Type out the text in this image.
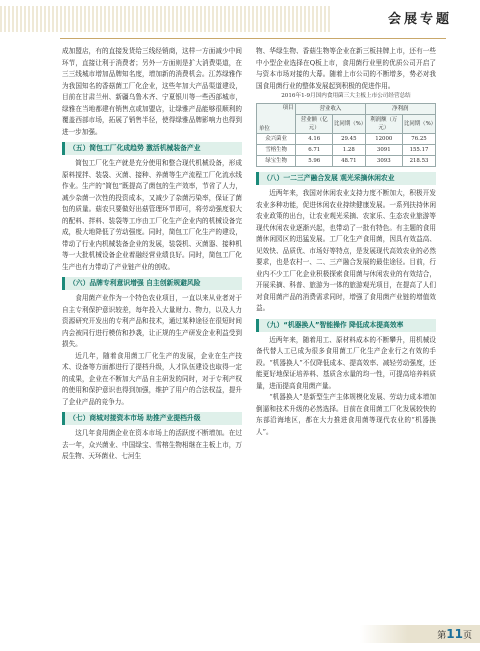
会展专题

成加盟店，有的直接发货给三线经销商，这样一方面减少中间环节，直接让利于消费者；另外一方面则是扩大消费渠道，在三三线城市增加品牌知名度，增加新的消费机会。江苏绿雅作为我国知名的香菇菌工厂化企业，这些年加大产品渠道建设，目前在甘肃兰州、新疆乌鲁木齐、宁夏银川等一些西部城市，绿雅在当地都建有销售点或加盟店，让绿雅产品能够很顺利的覆盖西部市场，拓展了销售半径，使得绿雅品牌影响力也得到进一步加强。

（五）简包工厂化成趋势 激活机械装备产业

简包工厂化生产就是充分使用和整合现代机械设备，形成原料搅拌、装袋、灭菌、接种、养菌等生产流程工厂化流水线作业。生产的“简包”既提高了菌包的生产效率，节省了人力，减少杂菌一次性的投资成本，又减少了杂菌污染率，保证了菌包的质量。菇农只要做好出菇管理环节即可，将劳动强度很大的配料、拌料、装袋等工序由工厂化生产企业内的机械设备完成，极大地降低了劳动强度。同时，简包工厂化生产的建设，带动了行业内机械装备企业的发展，装袋机、灭菌器、接种机等一大批机械设备企业着融经营业绩良好。同时，简包工厂化生产也有力带动了产业链产业的创收。

（六）品牌专利意识增强 自主创新规避风险

食用菌产业作为一个特色农业项目，一直以来从业者对于自主专利保护意识较差，每年投入大量财力、物力，以及人力资源研究开发出的专利产品和技术，通过某种途径在很短时间内会被同行进行模仿和抄袭，让正规的生产研发企业利益受到损失。

近几年，随着食用菌工厂化生产的发展，企业在生产技术、设备等方面都进行了提档升级，人才队伍建设也取得一定的成果，企业在不断加大产品自主研发的同时，对于专利产权的使用和保护意识也得到加强，维护了用户的合法权益，提升了企业产品的竞争力。

（七）商城对接资本市场 助推产业提档升级

这几年食用菌企业在资本市场上的活跃度不断增加。在过去一年，众兴菌业、中国绿宝、雪榕生物相继在主板上市，万辰生物、天环菌业、七河生

物、华绿生物、香菇生物等企业在新三板挂牌上市，还有一些中小型企业选择在Q板上市，食用菌行业里的优质公司开启了与资本市场对接的大幕。随着上市公司的不断增多，势必对我国食用菌行业的整体发展起到积极的促进作用。

2016年1-9月国内食用菌三大主板上市公司经营总结
项目
单位	营业收入		净利润	
	营业额（亿元）	比同期（%）	利润额（万元）	比同期（%）
众兴菌业	4.16	29.45	12000	76.25
雪榕生物	6.71	1.28	3091	155.17
绿宝生物	5.96	48.71	3093	218.53
（八）一二三产融合发展 观光采摘休闲农业

近两年来，我国对休闲农业支持力度不断加大，积极开发农业多种功能，促进休闲农业持续健康发展。一系列扶持休闲农业政策的出台，让农业观光采摘、农家乐、生态农业旅游等现代休闲农业逐渐兴起，也带动了一批有特色。有主题的食用菌休闲园区的迅猛发展。工厂化生产食用菌，因具有效益高、见效快、品质优、市场好等特点，是发展现代高效农业的必然要求，也是农村一、二、三产融合发展的最佳途径。目前，行业内不少工厂化企业积极探索食用菌与休闲农业的有效结合，开展采摘、科普、旅游为一体的旅游观光项目，在提高了人们对食用菌产品的消费需求同时，增强了食用菌产业链的增值效益。

（九）“机器换人”智能操作 降低成本提高效率

近两年来，随着用工、原材料成本的不断攀升，用机械设备代替人工已成为很多食用菌工厂化生产企业行之有效的手段。“机器换人”不仅降低成本、提高效率、减轻劳动强度，还能更好地保证培养料、基质含水量的均一性，可提高培养料质量，进而提高食用菌产量。

“机器换人”是新型生产主体规模化发展、劳动力成本增加倒逼和技术升级的必然选择。目前在食用菌工厂化发展较快的东部沿海地区，都在大力推进食用菌等现代农业的“机器换人”。

第11页
